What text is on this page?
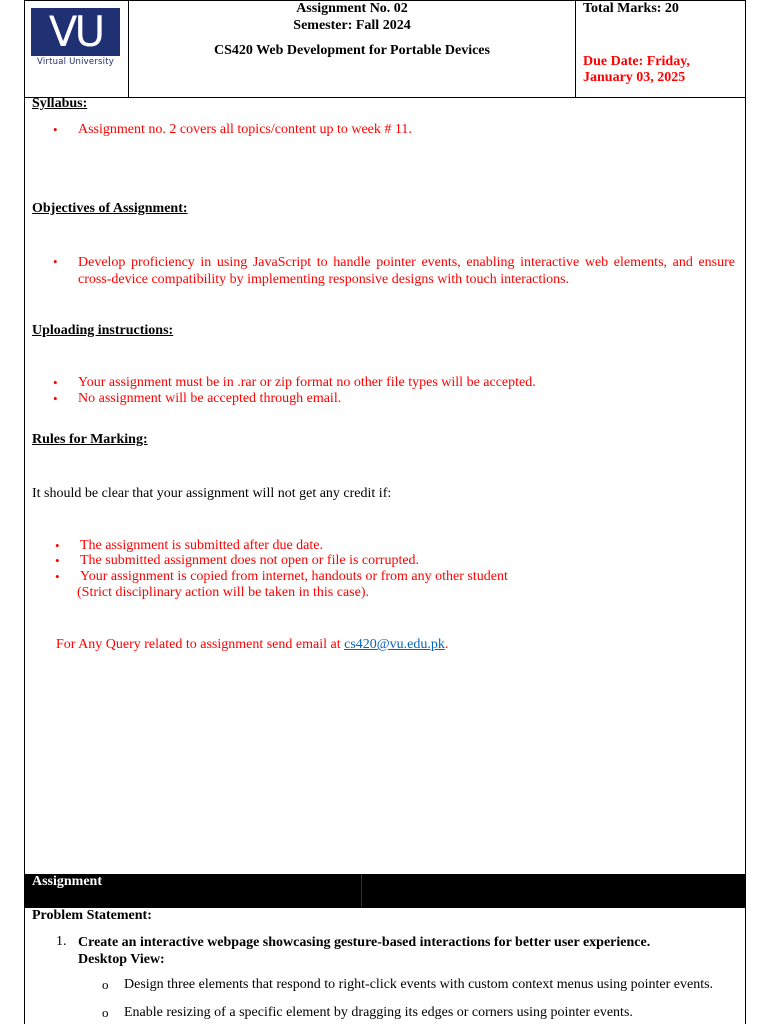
VU
Virtual University
Assignment No. 02
Semester: Fall 2024
CS420 Web Development for Portable Devices
Total Marks: 20
Due Date: Friday,
January 03, 2025
Syllabus:
• Assignment no. 2 covers all topics/content up to week # 11.
Objectives of Assignment:
• Develop proficiency in using JavaScript to handle pointer events, enabling interactive web elements, and ensure cross-device compatibility by implementing responsive designs with touch interactions.
Uploading instructions:
• Your assignment must be in .rar or zip format no other file types will be accepted.
• No assignment will be accepted through email.
Rules for Marking:
It should be clear that your assignment will not get any credit if:
• The assignment is submitted after due date.
• The submitted assignment does not open or file is corrupted.
• Your assignment is copied from internet, handouts or from any other student
(Strict disciplinary action will be taken in this case).
For Any Query related to assignment send email at cs420@vu.edu.pk.
Assignment
Problem Statement:
1. Create an interactive webpage showcasing gesture-based interactions for better user experience.
Desktop View:
o Design three elements that respond to right-click events with custom context menus using pointer events.
o Enable resizing of a specific element by dragging its edges or corners using pointer events.
